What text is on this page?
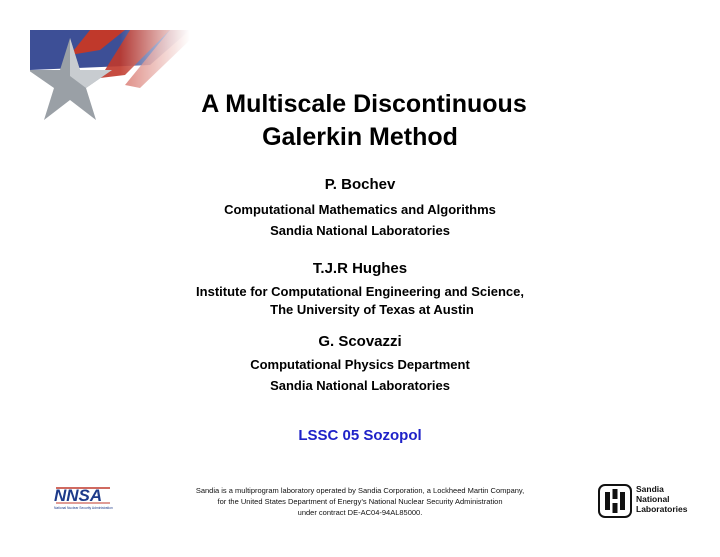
A Multiscale Discontinuous
Galerkin Method
P. Bochev
Computational Mathematics and Algorithms
Sandia National Laboratories
T.J.R Hughes
Institute for Computational Engineering and Science,
The University of Texas at Austin
G. Scovazzi
Computational Physics Department
Sandia National Laboratories
LSSC 05 Sozopol
NNSA
National Nuclear Security Administration
Sandia is a multiprogram laboratory operated by Sandia Corporation, a Lockheed Martin Company,
for the United States Department of Energy’s National Nuclear Security Administration
under contract DE-AC04-94AL85000.
Sandia
National
Laboratories
